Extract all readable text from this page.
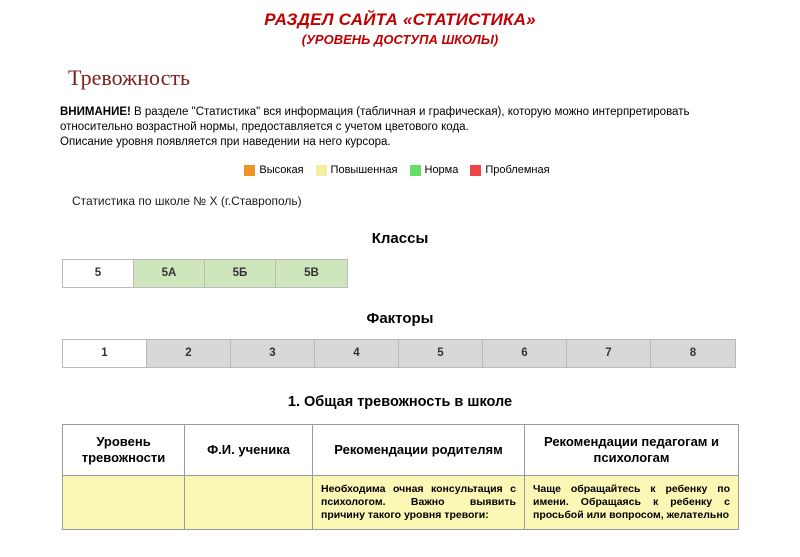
РАЗДЕЛ САЙТА «СТАТИСТИКА»
(УРОВЕНЬ ДОСТУПА ШКОЛЫ)
Тревожность
ВНИМАНИЕ! В разделе "Статистика" вся информация (табличная и графическая), которую можно интерпретировать относительно возрастной нормы, предоставляется с учетом цветового кода.
Описание уровня появляется при наведении на него курсора.
Высокая Повышенная Норма Проблемная
Статистика по школе № X (г.Ставрополь)
Классы
5	5А	5Б	5В
Факторы
1	2	3	4	5	6	7	8
1. Общая тревожность в школе
Уровень тревожности	Ф.И. ученика	Рекомендации родителям	Рекомендации педагогам и психологам
		Необходима очная консультация с психологом. Важно выявить причину такого уровня тревоги:	Чаще обращайтесь к ребенку по имени. Обращаясь к ребенку с просьбой или вопросом, желательно
